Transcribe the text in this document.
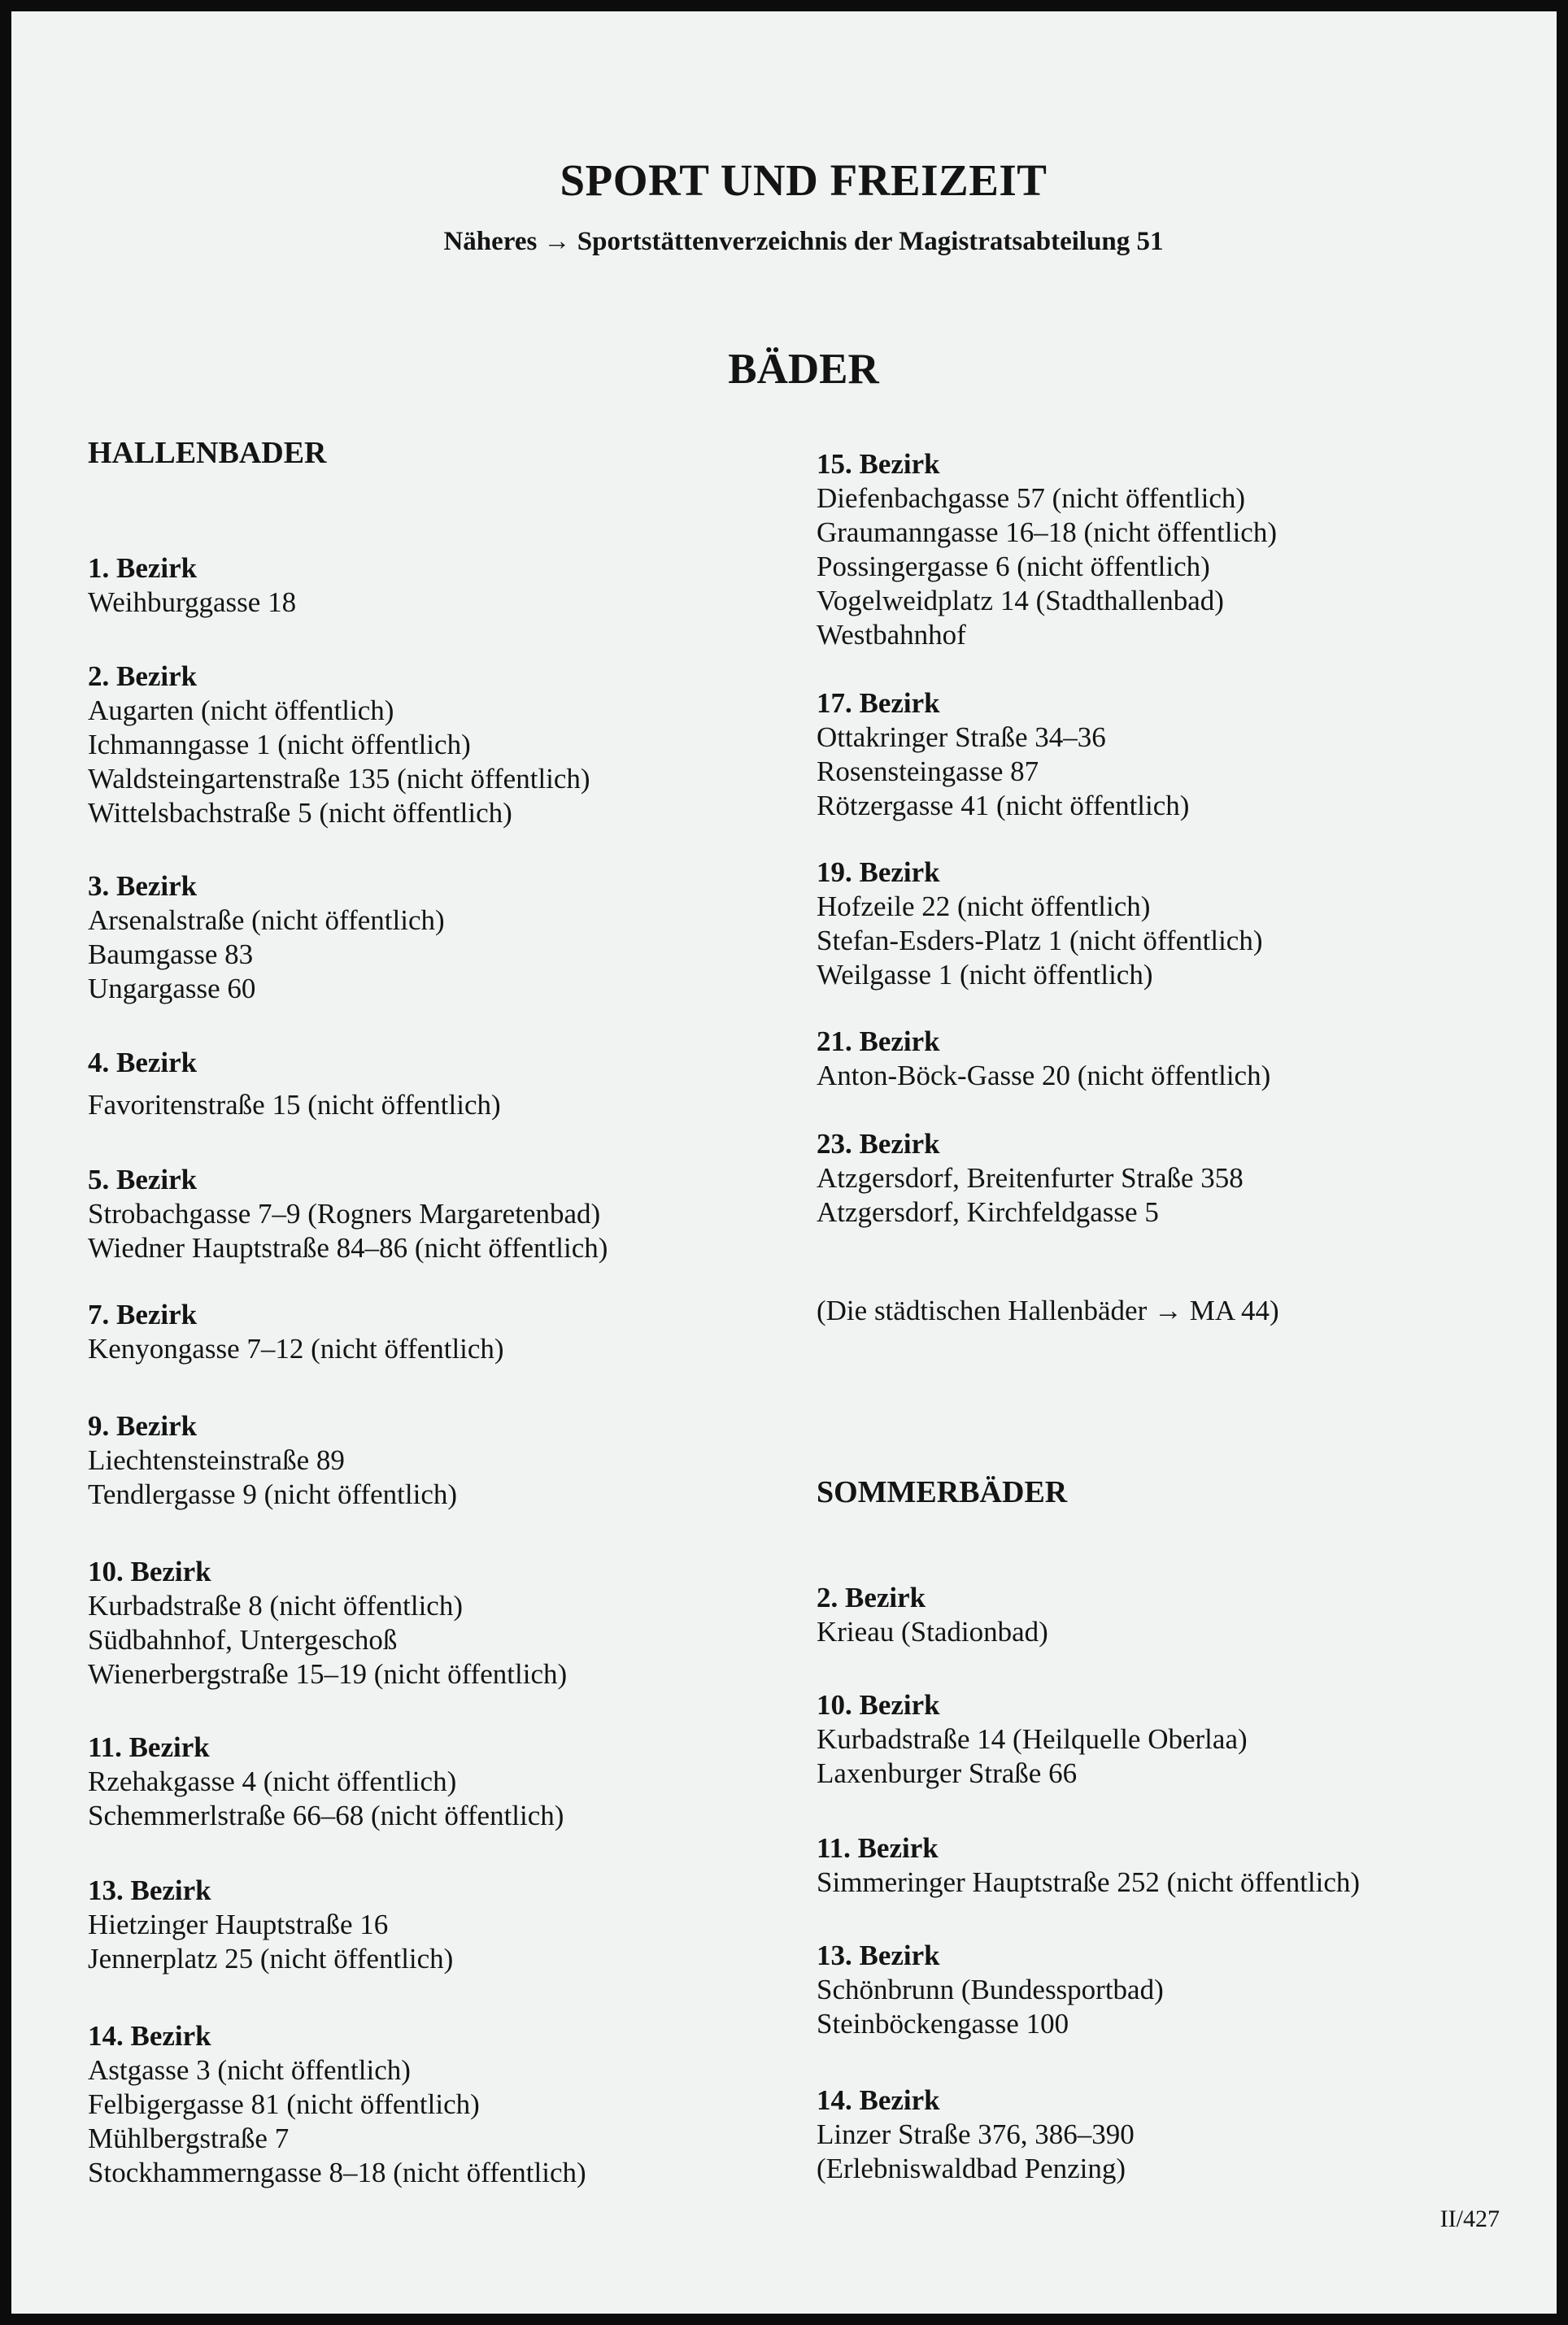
SPORT UND FREIZEIT
Näheres → Sportstättenverzeichnis der Magistratsabteilung 51
BÄDER
HALLENBADER
1. Bezirk
Weihburggasse 18
2. Bezirk
Augarten (nicht öffentlich)
Ichmanngasse 1 (nicht öffentlich)
Waldsteingartenstraße 135 (nicht öffentlich)
Wittelsbachstraße 5 (nicht öffentlich)
3. Bezirk
Arsenalstraße (nicht öffentlich)
Baumgasse 83
Ungargasse 60
4. Bezirk
Favoritenstraße 15 (nicht öffentlich)
5. Bezirk
Strobachgasse 7–9 (Rogners Margaretenbad)
Wiedner Hauptstraße 84–86 (nicht öffentlich)
7. Bezirk
Kenyongasse 7–12 (nicht öffentlich)
9. Bezirk
Liechtensteinstraße 89
Tendlergasse 9 (nicht öffentlich)
10. Bezirk
Kurbadstraße 8 (nicht öffentlich)
Südbahnhof, Untergeschoß
Wienerbergstraße 15–19 (nicht öffentlich)
11. Bezirk
Rzehakgasse 4 (nicht öffentlich)
Schemmerlstraße 66–68 (nicht öffentlich)
13. Bezirk
Hietzinger Hauptstraße 16
Jennerplatz 25 (nicht öffentlich)
14. Bezirk
Astgasse 3 (nicht öffentlich)
Felbigergasse 81 (nicht öffentlich)
Mühlbergstraße 7
Stockhammerngasse 8–18 (nicht öffentlich)
15. Bezirk
Diefenbachgasse 57 (nicht öffentlich)
Graumanngasse 16–18 (nicht öffentlich)
Possingergasse 6 (nicht öffentlich)
Vogelweidplatz 14 (Stadthallenbad)
Westbahnhof
17. Bezirk
Ottakringer Straße 34–36
Rosensteingasse 87
Rötzergasse 41 (nicht öffentlich)
19. Bezirk
Hofzeile 22 (nicht öffentlich)
Stefan-Esders-Platz 1 (nicht öffentlich)
Weilgasse 1 (nicht öffentlich)
21. Bezirk
Anton-Böck-Gasse 20 (nicht öffentlich)
23. Bezirk
Atzgersdorf, Breitenfurter Straße 358
Atzgersdorf, Kirchfeldgasse 5
(Die städtischen Hallenbäder → MA 44)
SOMMERBÄDER
2. Bezirk
Krieau (Stadionbad)
10. Bezirk
Kurbadstraße 14 (Heilquelle Oberlaa)
Laxenburger Straße 66
11. Bezirk
Simmeringer Hauptstraße 252 (nicht öffentlich)
13. Bezirk
Schönbrunn (Bundessportbad)
Steinböckengasse 100
14. Bezirk
Linzer Straße 376, 386–390
(Erlebniswaldbad Penzing)
II/427
